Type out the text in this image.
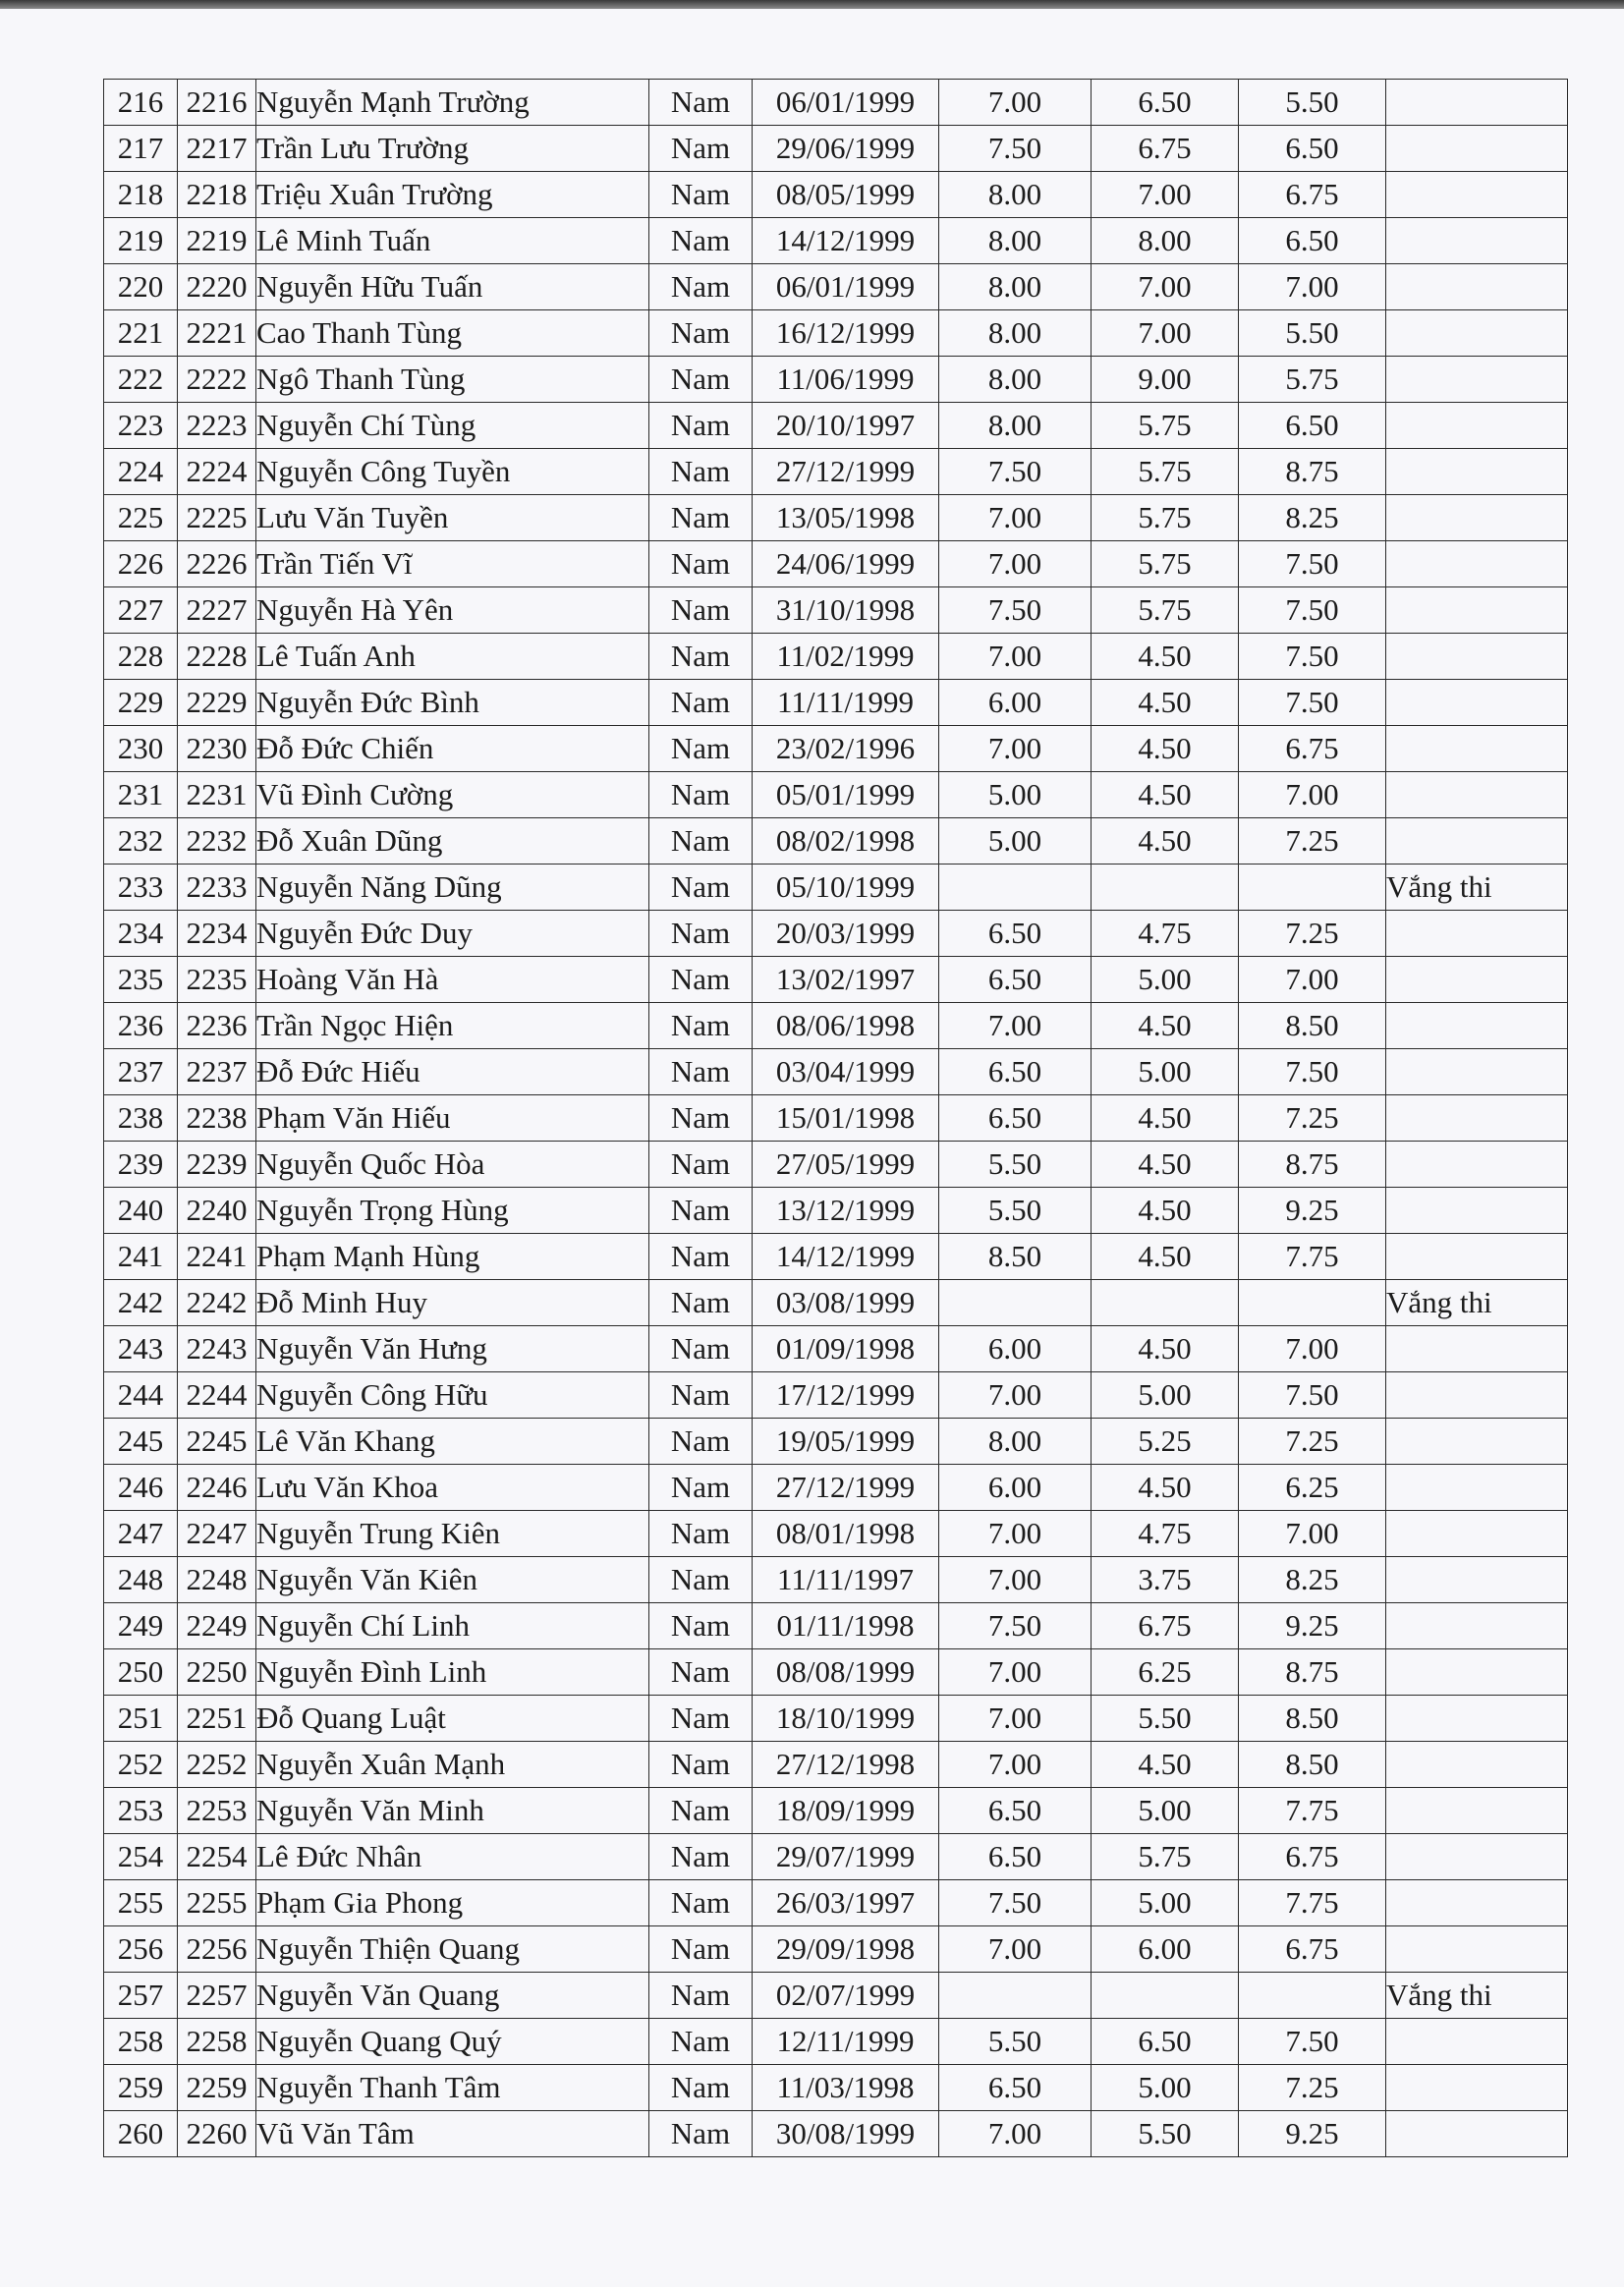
216	2216	Nguyễn Mạnh Trường	Nam	06/01/1999	7.00	6.50	5.50	
217	2217	Trần Lưu Trường	Nam	29/06/1999	7.50	6.75	6.50	
218	2218	Triệu Xuân Trường	Nam	08/05/1999	8.00	7.00	6.75	
219	2219	Lê Minh Tuấn	Nam	14/12/1999	8.00	8.00	6.50	
220	2220	Nguyễn Hữu Tuấn	Nam	06/01/1999	8.00	7.00	7.00	
221	2221	Cao Thanh Tùng	Nam	16/12/1999	8.00	7.00	5.50	
222	2222	Ngô Thanh Tùng	Nam	11/06/1999	8.00	9.00	5.75	
223	2223	Nguyễn Chí Tùng	Nam	20/10/1997	8.00	5.75	6.50	
224	2224	Nguyễn Công Tuyền	Nam	27/12/1999	7.50	5.75	8.75	
225	2225	Lưu Văn Tuyền	Nam	13/05/1998	7.00	5.75	8.25	
226	2226	Trần Tiến Vĩ	Nam	24/06/1999	7.00	5.75	7.50	
227	2227	Nguyễn Hà Yên	Nam	31/10/1998	7.50	5.75	7.50	
228	2228	Lê Tuấn Anh	Nam	11/02/1999	7.00	4.50	7.50	
229	2229	Nguyễn Đức Bình	Nam	11/11/1999	6.00	4.50	7.50	
230	2230	Đỗ Đức Chiến	Nam	23/02/1996	7.00	4.50	6.75	
231	2231	Vũ Đình Cường	Nam	05/01/1999	5.00	4.50	7.00	
232	2232	Đỗ Xuân Dũng	Nam	08/02/1998	5.00	4.50	7.25	
233	2233	Nguyễn Năng Dũng	Nam	05/10/1999				Vắng thi
234	2234	Nguyễn Đức Duy	Nam	20/03/1999	6.50	4.75	7.25	
235	2235	Hoàng Văn Hà	Nam	13/02/1997	6.50	5.00	7.00	
236	2236	Trần Ngọc Hiện	Nam	08/06/1998	7.00	4.50	8.50	
237	2237	Đỗ Đức Hiếu	Nam	03/04/1999	6.50	5.00	7.50	
238	2238	Phạm Văn Hiếu	Nam	15/01/1998	6.50	4.50	7.25	
239	2239	Nguyễn Quốc Hòa	Nam	27/05/1999	5.50	4.50	8.75	
240	2240	Nguyễn Trọng Hùng	Nam	13/12/1999	5.50	4.50	9.25	
241	2241	Phạm Mạnh Hùng	Nam	14/12/1999	8.50	4.50	7.75	
242	2242	Đỗ Minh Huy	Nam	03/08/1999				Vắng thi
243	2243	Nguyễn Văn Hưng	Nam	01/09/1998	6.00	4.50	7.00	
244	2244	Nguyễn Công Hữu	Nam	17/12/1999	7.00	5.00	7.50	
245	2245	Lê Văn Khang	Nam	19/05/1999	8.00	5.25	7.25	
246	2246	Lưu Văn Khoa	Nam	27/12/1999	6.00	4.50	6.25	
247	2247	Nguyễn Trung Kiên	Nam	08/01/1998	7.00	4.75	7.00	
248	2248	Nguyễn Văn Kiên	Nam	11/11/1997	7.00	3.75	8.25	
249	2249	Nguyễn Chí Linh	Nam	01/11/1998	7.50	6.75	9.25	
250	2250	Nguyễn Đình Linh	Nam	08/08/1999	7.00	6.25	8.75	
251	2251	Đỗ Quang Luật	Nam	18/10/1999	7.00	5.50	8.50	
252	2252	Nguyễn Xuân Mạnh	Nam	27/12/1998	7.00	4.50	8.50	
253	2253	Nguyễn Văn Minh	Nam	18/09/1999	6.50	5.00	7.75	
254	2254	Lê Đức Nhân	Nam	29/07/1999	6.50	5.75	6.75	
255	2255	Phạm Gia Phong	Nam	26/03/1997	7.50	5.00	7.75	
256	2256	Nguyễn Thiện Quang	Nam	29/09/1998	7.00	6.00	6.75	
257	2257	Nguyễn Văn Quang	Nam	02/07/1999				Vắng thi
258	2258	Nguyễn Quang Quý	Nam	12/11/1999	5.50	6.50	7.50	
259	2259	Nguyễn Thanh Tâm	Nam	11/03/1998	6.50	5.00	7.25	
260	2260	Vũ Văn Tâm	Nam	30/08/1999	7.00	5.50	9.25	
